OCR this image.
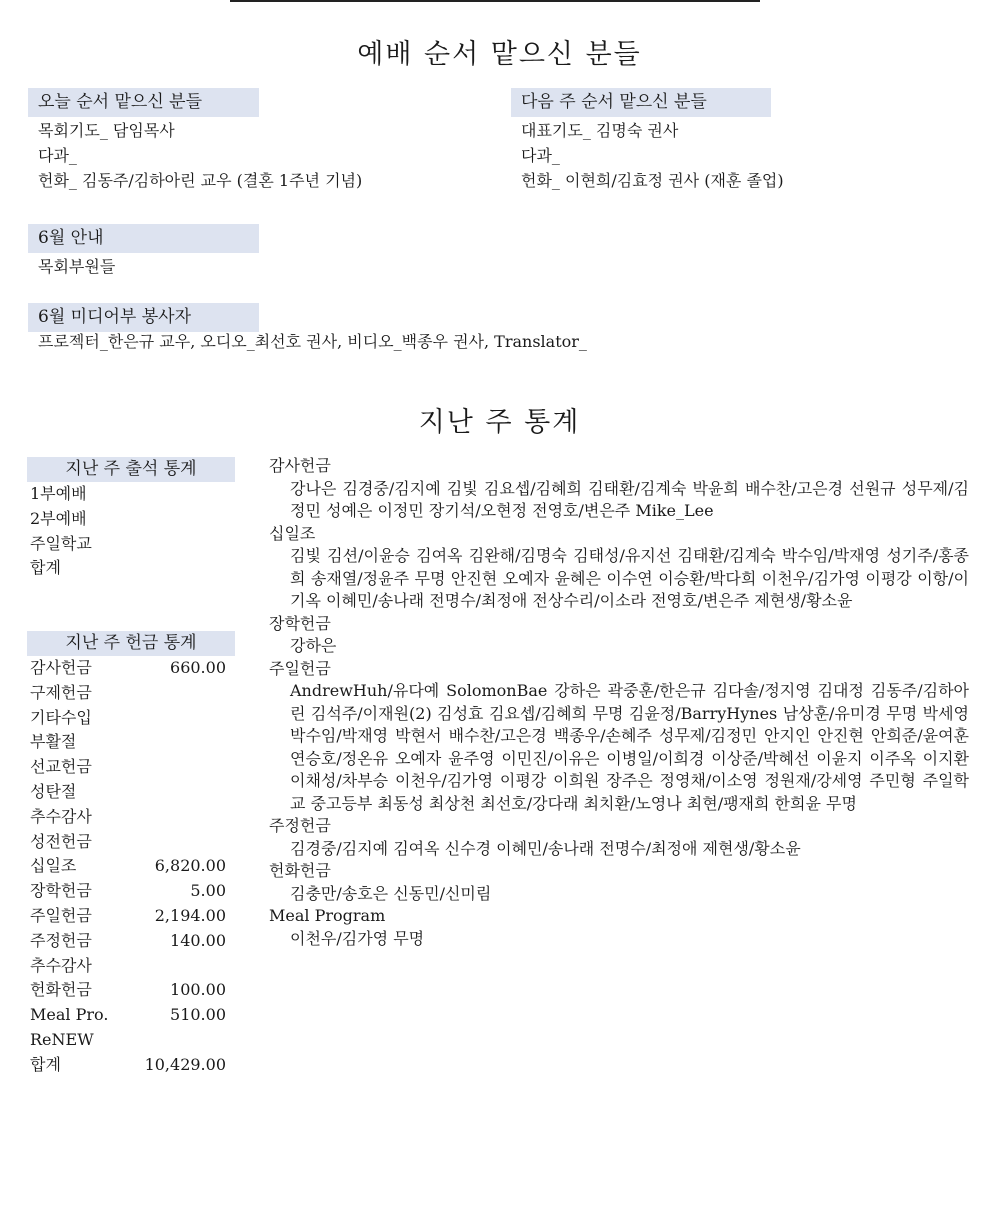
예배 순서 맡으신 분들
오늘 순서 맡으신 분들
목회기도_ 담임목사
다과_
헌화_ 김동주/김하아린 교우 (결혼 1주년 기념)
다음 주 순서 맡으신 분들
대표기도_ 김명숙 권사
다과_
헌화_ 이현희/김효정 권사 (재훈 졸업)
6월 안내
목회부원들
6월 미디어부 봉사자
프로젝터_한은규 교우, 오디오_최선호 권사, 비디오_백종우 권사, Translator_
지난 주 통계
지난 주 출석 통계
1부예배
2부예배
주일학교
합계
지난 주 헌금 통계
감사헌금	660.00
구제헌금
기타수입
부활절
선교헌금
성탄절
추수감사
성전헌금
십일조	6,820.00
장학헌금	5.00
주일헌금	2,194.00
주정헌금	140.00
추수감사
헌화헌금	100.00
Meal Pro.	510.00
ReNEW
합계	10,429.00
감사헌금
강나은 김경중/김지예 김빛 김요셉/김혜희 김태환/김계숙 박윤희 배수찬/고은경 선원규 성무제/김정민 성예은 이정민 장기석/오현정 전영호/변은주 Mike_Lee
십일조
김빛 김션/이윤승 김여옥 김완해/김명숙 김태성/유지선 김태환/김계숙 박수임/박재영 성기주/홍종희 송재열/정윤주 무명 안진현 오예자 윤혜은 이수연 이승환/박다희 이천우/김가영 이평강 이항/이기옥 이혜민/송나래 전명수/최정애 전상수리/이소라 전영호/변은주 제현생/황소윤
장학헌금
강하은
주일헌금
AndrewHuh/유다예 SolomonBae 강하은 곽중훈/한은규 김다솔/정지영 김대정 김동주/김하아린 김석주/이재원(2) 김성효 김요셉/김혜희 무명 김윤정/BarryHynes 남상훈/유미경 무명 박세영 박수임/박재영 박현서 배수찬/고은경 백종우/손혜주 성무제/김정민 안지인 안진현 안희준/윤여훈 연승호/정온유 오예자 윤주영 이민진/이유은 이병일/이희경 이상준/박혜선 이윤지 이주옥 이지환 이채성/차부승 이천우/김가영 이평강 이희원 장주은 정영채/이소영 정원재/강세영 주민형 주일학교 중고등부 최동성 최상천 최선호/강다래 최치환/노영나 최현/팽재희 한희윤 무명
주정헌금
김경중/김지예 김여옥 신수경 이혜민/송나래 전명수/최정애 제현생/황소윤
헌화헌금
김충만/송호은 신동민/신미림
Meal Program
이천우/김가영 무명
